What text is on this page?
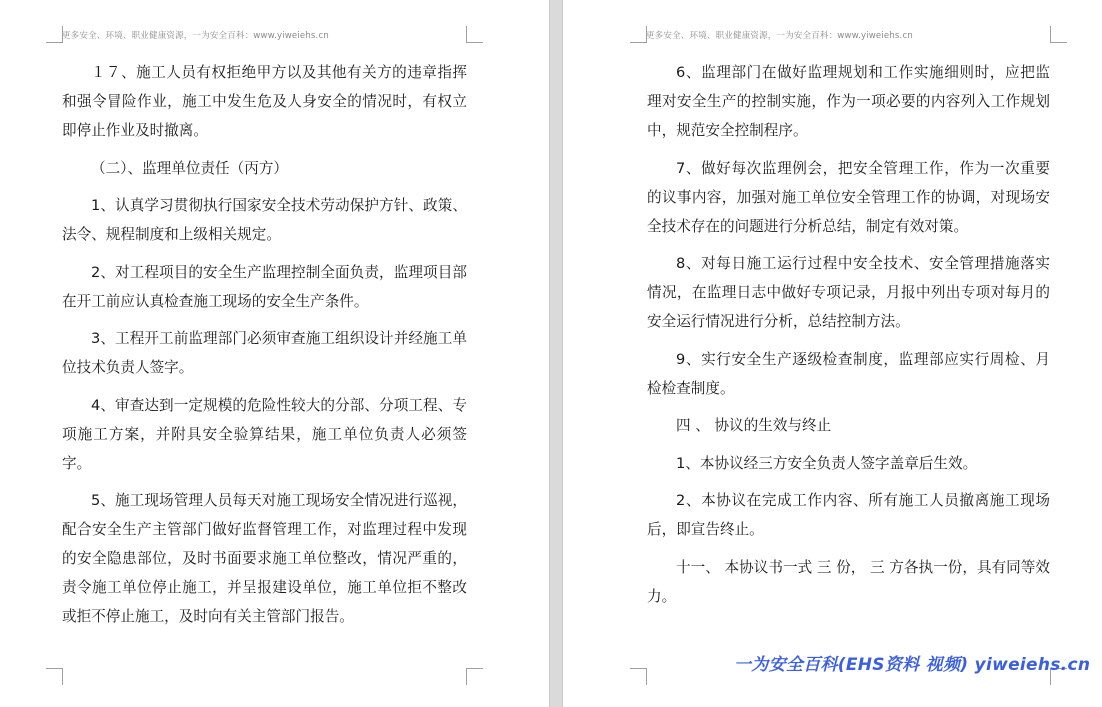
更多安全、环境、职业健康资源，一为安全百科：www.yiweiehs.cn

１７、施工人员有权拒绝甲方以及其他有关方的违章指挥和强令冒险作业，施工中发生危及人身安全的情况时，有权立即停止作业及时撤离。

（二）、监理单位责任（丙方）

1、认真学习贯彻执行国家安全技术劳动保护方针、政策、法令、规程制度和上级相关规定。

2、对工程项目的安全生产监理控制全面负责，监理项目部在开工前应认真检查施工现场的安全生产条件。

3、工程开工前监理部门必须审查施工组织设计并经施工单位技术负责人签字。

4、审查达到一定规模的危险性较大的分部、分项工程、专项施工方案，并附具安全验算结果，施工单位负责人必须签字。

5、施工现场管理人员每天对施工现场安全情况进行巡视，配合安全生产主管部门做好监督管理工作，对监理过程中发现的安全隐患部位，及时书面要求施工单位整改，情况严重的，责令施工单位停止施工，并呈报建设单位，施工单位拒不整改或拒不停止施工，及时向有关主管部门报告。

更多安全、环境、职业健康资源，一为安全百科：www.yiweiehs.cn

6、监理部门在做好监理规划和工作实施细则时，应把监理对安全生产的控制实施，作为一项必要的内容列入工作规划中，规范安全控制程序。

7、做好每次监理例会，把安全管理工作，作为一次重要的议事内容，加强对施工单位安全管理工作的协调，对现场安全技术存在的问题进行分析总结，制定有效对策。

8、对每日施工运行过程中安全技术、安全管理措施落实情况，在监理日志中做好专项记录，月报中列出专项对每月的安全运行情况进行分析，总结控制方法。

9、实行安全生产逐级检查制度，监理部应实行周检、月检检查制度。

四 、 协议的生效与终止

1、本协议经三方安全负责人签字盖章后生效。

2、本协议在完成工作内容、所有施工人员撤离施工现场后，即宣告终止。

十一、 本协议书一式 三 份， 三 方各执一份，具有同等效力。

一为安全百科(EHS资料 视频) yiweiehs.cn
